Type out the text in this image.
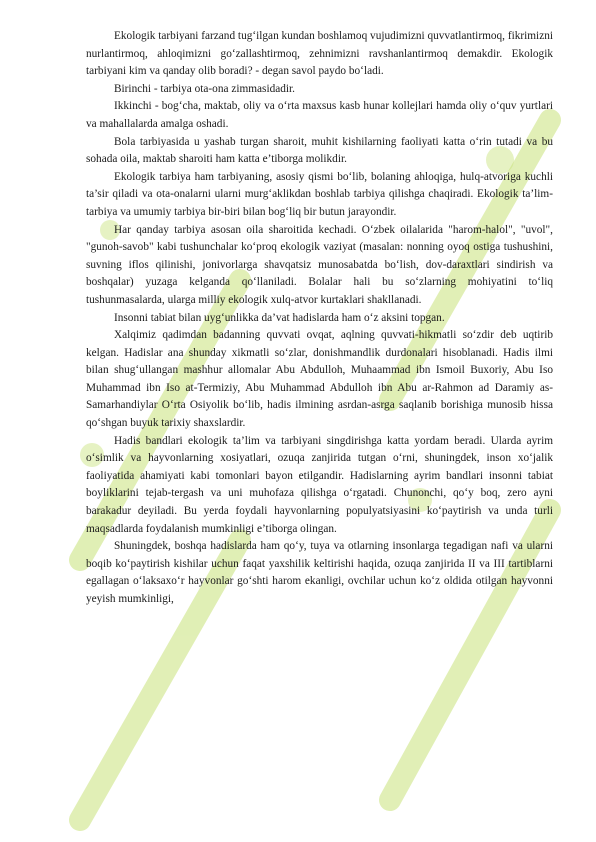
Ekologik tarbiyani farzand tug‘ilgan kundan boshlamoq vujudimizni quvvatlantirmoq, fikrimizni nurlantirmoq, ahloqimizni go‘zallashtirmoq, zehnimizni ravshanlantirmoq demakdir. Ekologik tarbiyani kim va qanday olib boradi? - degan savol paydo bo‘ladi.

Birinchi - tarbiya ota-ona zimmasidadir.

Ikkinchi - bog‘cha, maktab, oliy va o‘rta maxsus kasb hunar kollejlari hamda oliy o‘quv yurtlari va mahallalarda amalga oshadi.

Bola tarbiyasida u yashab turgan sharoit, muhit kishilarning faoliyati katta o‘rin tutadi va bu sohada oila, maktab sharoiti ham katta e’tiborga molikdir.

Ekologik tarbiya ham tarbiyaning, asosiy qismi bo‘lib, bolaning ahloqiga, hulq-atvoriga kuchli ta’sir qiladi va ota-onalarni ularni murg‘aklikdan boshlab tarbiya qilishga chaqiradi. Ekologik ta’lim-tarbiya va umumiy tarbiya bir-biri bilan bog‘liq bir butun jarayondir.

Har qanday tarbiya asosan oila sharoitida kechadi. O‘zbek oilalarida "harom-halol", "uvol", "gunoh-savob" kabi tushunchalar ko‘proq ekologik vaziyat (masalan: nonning oyoq ostiga tushushini, suvning iflos qilinishi, jonivorlarga shavqatsiz munosabatda bo‘lish, dov-daraxtlari sindirish va boshqalar) yuzaga kelganda qo‘llaniladi. Bolalar hali bu so‘zlarning mohiyatini to‘liq tushunmasalarda, ularga milliy ekologik xulq-atvor kurtaklari shakllanadi.

Insonni tabiat bilan uyg‘unlikka da’vat hadislarda ham o‘z aksini topgan.

Xalqimiz qadimdan badanning quvvati ovqat, aqlning quvvati-hikmatli so‘zdir deb uqtirib kelgan. Hadislar ana shunday xikmatli so‘zlar, donishmandlik durdonalari hisoblanadi. Hadis ilmi bilan shug‘ullangan mashhur allomalar Abu Abdulloh, Muhaammad ibn Ismoil Buxoriy, Abu Iso Muhammad ibn Iso at-Termiziy, Abu Muhammad Abdulloh ibn Abu ar-Rahmon ad Daramiy as-Samarhandiylar O‘rta Osiyolik bo‘lib, hadis ilmining asrdan-asrga saqlanib borishiga munosib hissa qo‘shgan buyuk tarixiy shaxslardir.

Hadis bandlari ekologik ta’lim va tarbiyani singdirishga katta yordam beradi. Ularda ayrim o‘simlik va hayvonlarning xosiyatlari, ozuqa zanjirida tutgan o‘rni, shuningdek, inson xo‘jalik faoliyatida ahamiyati kabi tomonlari bayon etilgandir. Hadislarning ayrim bandlari insonni tabiat boyliklarini tejab-tergash va uni muhofaza qilishga o‘rgatadi. Chunonchi, qo‘y boq, zero ayni barakadur deyiladi. Bu yerda foydali hayvonlarning populyatsiyasini ko‘paytirish va unda turli maqsadlarda foydalanish mumkinligi e’tiborga olingan.

Shuningdek, boshqa hadislarda ham qo‘y, tuya va otlarning insonlarga tegadigan nafi va ularni boqib ko‘paytirish kishilar uchun faqat yaxshilik keltirishi haqida, ozuqa zanjirida II va III tartiblarni egallagan o‘laksaxo‘r hayvonlar go‘shti harom ekanligi, ovchilar uchun ko‘z oldida otilgan hayvonni yeyish mumkinligi,
